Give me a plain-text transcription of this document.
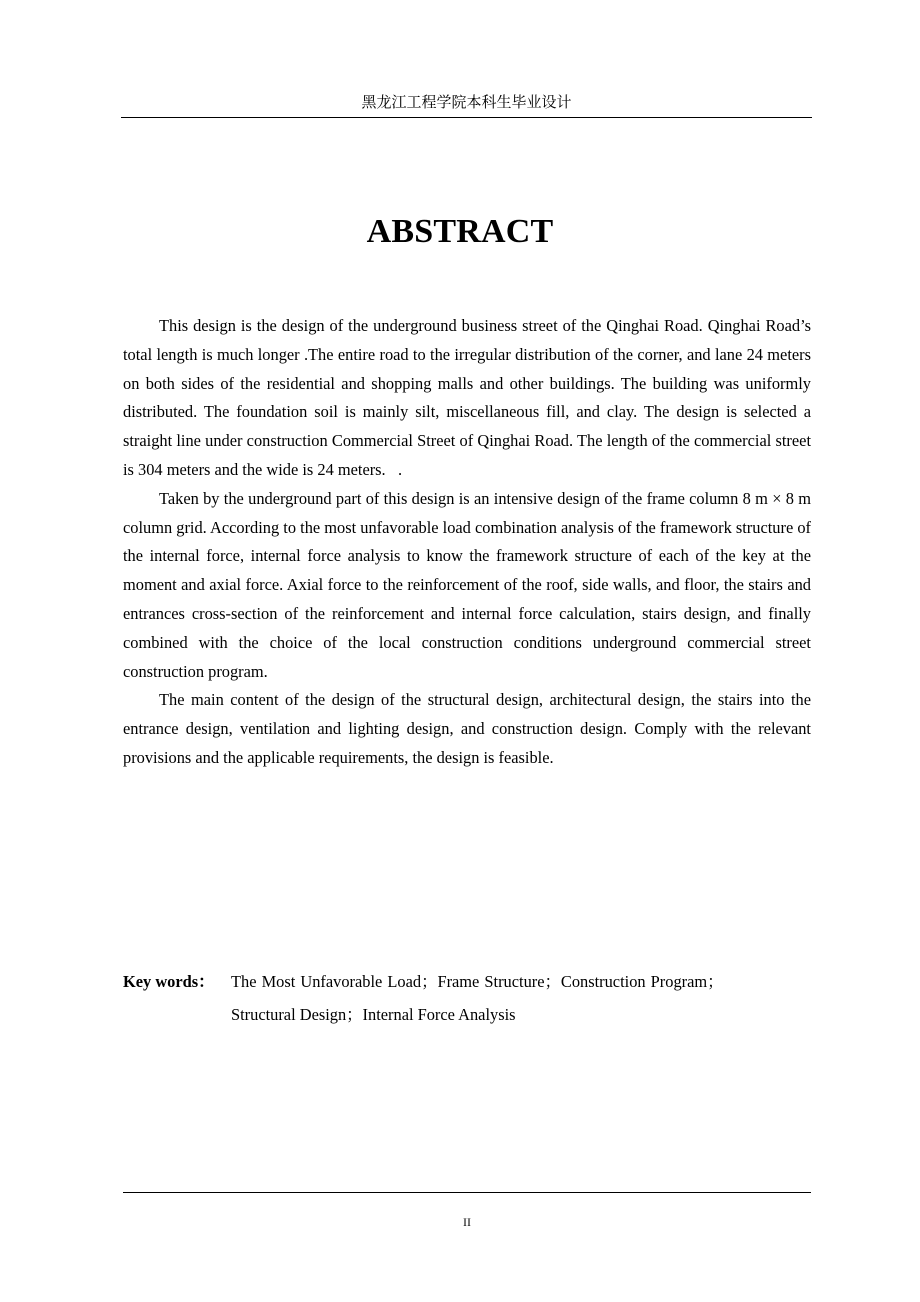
黑龙江工程学院本科生毕业设计
ABSTRACT

This design is the design of the underground business street of the Qinghai Road. Qinghai Road’s total length is much longer .The entire road to the irregular distribution of the corner, and lane 24 meters on both sides of the residential and shopping malls and other buildings. The building was uniformly distributed. The foundation soil is mainly silt, miscellaneous fill, and clay. The design is selected a straight line under construction Commercial Street of Qinghai Road. The length of the commercial street is 304 meters and the wide is 24 meters.   .

Taken by the underground part of this design is an intensive design of the frame column 8 m × 8 m column grid. According to the most unfavorable load combination analysis of the framework structure of the internal force, internal force analysis to know the framework structure of each of the key at the moment and axial force. Axial force to the reinforcement of the roof, side walls, and floor, the stairs and entrances cross-section of the reinforcement and internal force calculation, stairs design, and finally combined with the choice of the local construction conditions underground commercial street construction program.

The main content of the design of the structural design, architectural design, the stairs into the entrance design, ventilation and lighting design, and construction design. Comply with the relevant provisions and the applicable requirements, the design is feasible.

Key words：	The Most Unfavorable Load；Frame Structure；Construction Program；
Structural Design；Internal Force Analysis
II
